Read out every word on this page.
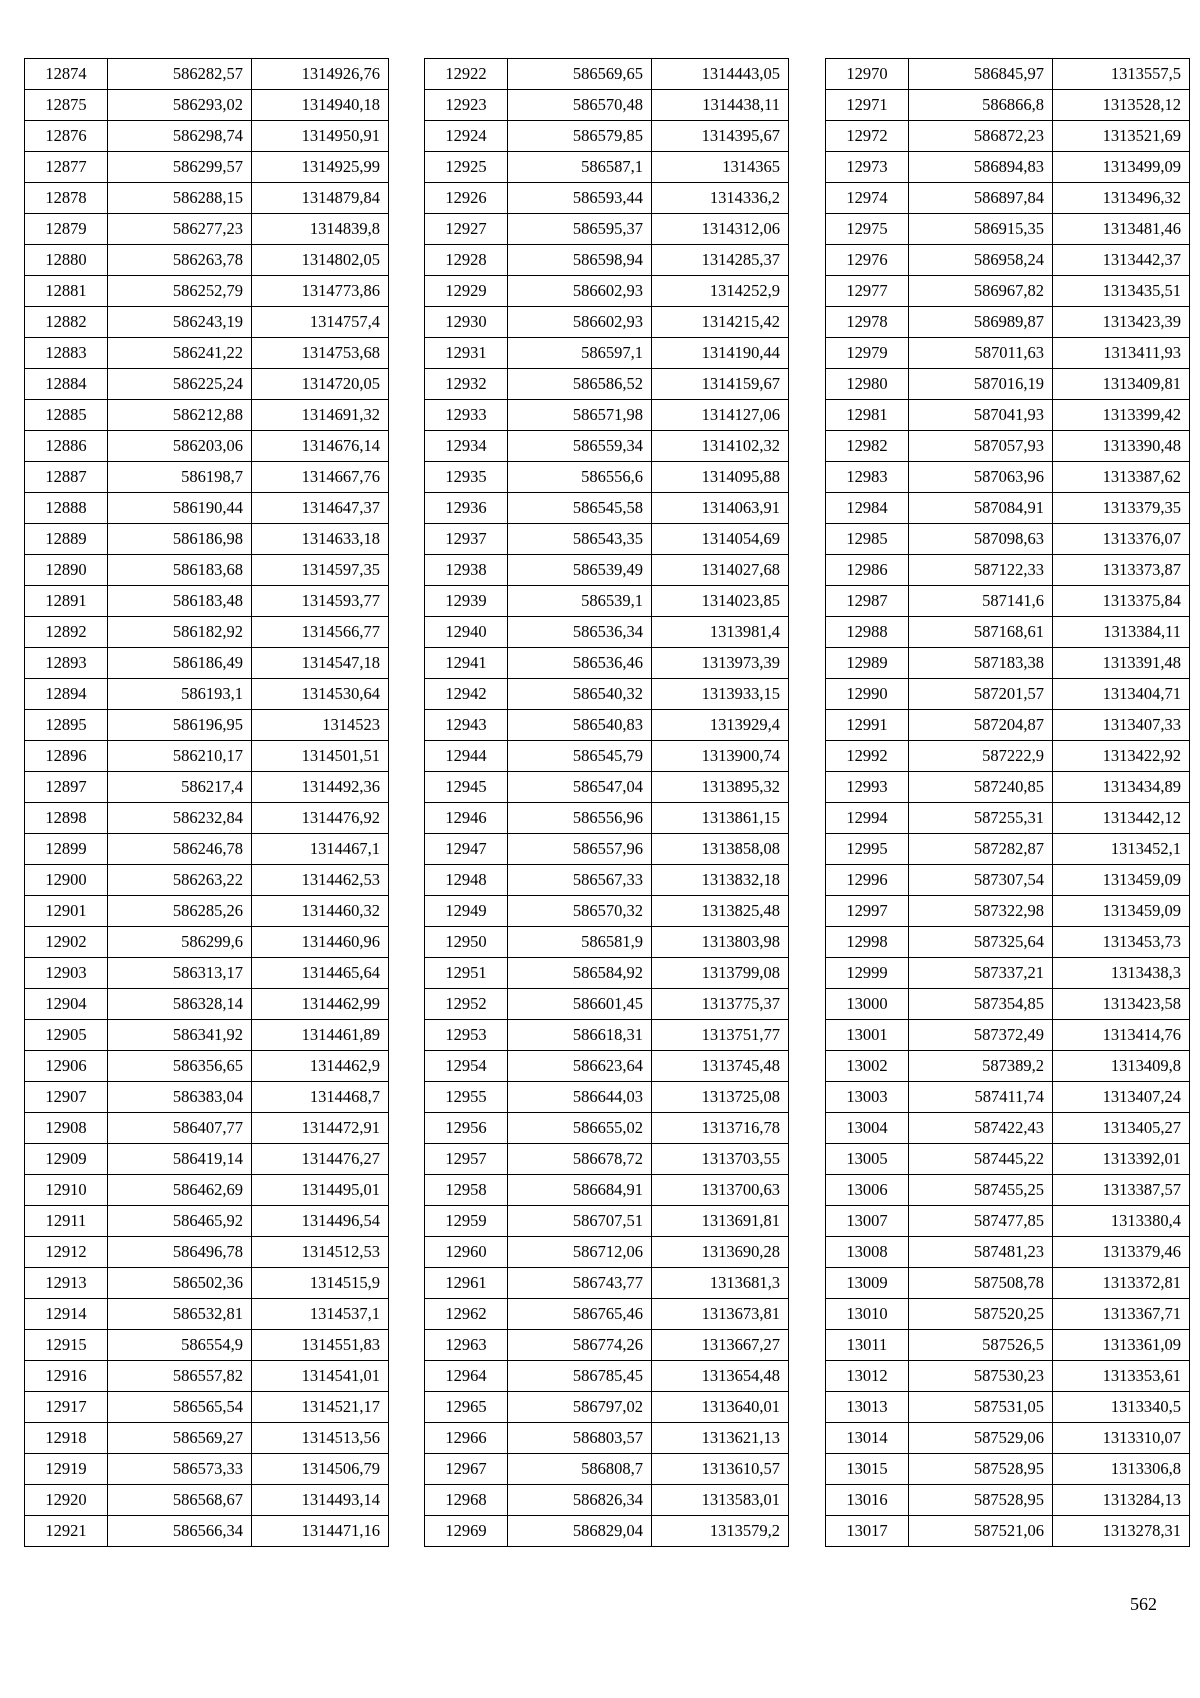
12874	586282,57	1314926,76
12875	586293,02	1314940,18
12876	586298,74	1314950,91
12877	586299,57	1314925,99
12878	586288,15	1314879,84
12879	586277,23	1314839,8
12880	586263,78	1314802,05
12881	586252,79	1314773,86
12882	586243,19	1314757,4
12883	586241,22	1314753,68
12884	586225,24	1314720,05
12885	586212,88	1314691,32
12886	586203,06	1314676,14
12887	586198,7	1314667,76
12888	586190,44	1314647,37
12889	586186,98	1314633,18
12890	586183,68	1314597,35
12891	586183,48	1314593,77
12892	586182,92	1314566,77
12893	586186,49	1314547,18
12894	586193,1	1314530,64
12895	586196,95	1314523
12896	586210,17	1314501,51
12897	586217,4	1314492,36
12898	586232,84	1314476,92
12899	586246,78	1314467,1
12900	586263,22	1314462,53
12901	586285,26	1314460,32
12902	586299,6	1314460,96
12903	586313,17	1314465,64
12904	586328,14	1314462,99
12905	586341,92	1314461,89
12906	586356,65	1314462,9
12907	586383,04	1314468,7
12908	586407,77	1314472,91
12909	586419,14	1314476,27
12910	586462,69	1314495,01
12911	586465,92	1314496,54
12912	586496,78	1314512,53
12913	586502,36	1314515,9
12914	586532,81	1314537,1
12915	586554,9	1314551,83
12916	586557,82	1314541,01
12917	586565,54	1314521,17
12918	586569,27	1314513,56
12919	586573,33	1314506,79
12920	586568,67	1314493,14
12921	586566,34	1314471,16
12922	586569,65	1314443,05
12923	586570,48	1314438,11
12924	586579,85	1314395,67
12925	586587,1	1314365
12926	586593,44	1314336,2
12927	586595,37	1314312,06
12928	586598,94	1314285,37
12929	586602,93	1314252,9
12930	586602,93	1314215,42
12931	586597,1	1314190,44
12932	586586,52	1314159,67
12933	586571,98	1314127,06
12934	586559,34	1314102,32
12935	586556,6	1314095,88
12936	586545,58	1314063,91
12937	586543,35	1314054,69
12938	586539,49	1314027,68
12939	586539,1	1314023,85
12940	586536,34	1313981,4
12941	586536,46	1313973,39
12942	586540,32	1313933,15
12943	586540,83	1313929,4
12944	586545,79	1313900,74
12945	586547,04	1313895,32
12946	586556,96	1313861,15
12947	586557,96	1313858,08
12948	586567,33	1313832,18
12949	586570,32	1313825,48
12950	586581,9	1313803,98
12951	586584,92	1313799,08
12952	586601,45	1313775,37
12953	586618,31	1313751,77
12954	586623,64	1313745,48
12955	586644,03	1313725,08
12956	586655,02	1313716,78
12957	586678,72	1313703,55
12958	586684,91	1313700,63
12959	586707,51	1313691,81
12960	586712,06	1313690,28
12961	586743,77	1313681,3
12962	586765,46	1313673,81
12963	586774,26	1313667,27
12964	586785,45	1313654,48
12965	586797,02	1313640,01
12966	586803,57	1313621,13
12967	586808,7	1313610,57
12968	586826,34	1313583,01
12969	586829,04	1313579,2
12970	586845,97	1313557,5
12971	586866,8	1313528,12
12972	586872,23	1313521,69
12973	586894,83	1313499,09
12974	586897,84	1313496,32
12975	586915,35	1313481,46
12976	586958,24	1313442,37
12977	586967,82	1313435,51
12978	586989,87	1313423,39
12979	587011,63	1313411,93
12980	587016,19	1313409,81
12981	587041,93	1313399,42
12982	587057,93	1313390,48
12983	587063,96	1313387,62
12984	587084,91	1313379,35
12985	587098,63	1313376,07
12986	587122,33	1313373,87
12987	587141,6	1313375,84
12988	587168,61	1313384,11
12989	587183,38	1313391,48
12990	587201,57	1313404,71
12991	587204,87	1313407,33
12992	587222,9	1313422,92
12993	587240,85	1313434,89
12994	587255,31	1313442,12
12995	587282,87	1313452,1
12996	587307,54	1313459,09
12997	587322,98	1313459,09
12998	587325,64	1313453,73
12999	587337,21	1313438,3
13000	587354,85	1313423,58
13001	587372,49	1313414,76
13002	587389,2	1313409,8
13003	587411,74	1313407,24
13004	587422,43	1313405,27
13005	587445,22	1313392,01
13006	587455,25	1313387,57
13007	587477,85	1313380,4
13008	587481,23	1313379,46
13009	587508,78	1313372,81
13010	587520,25	1313367,71
13011	587526,5	1313361,09
13012	587530,23	1313353,61
13013	587531,05	1313340,5
13014	587529,06	1313310,07
13015	587528,95	1313306,8
13016	587528,95	1313284,13
13017	587521,06	1313278,31
562
